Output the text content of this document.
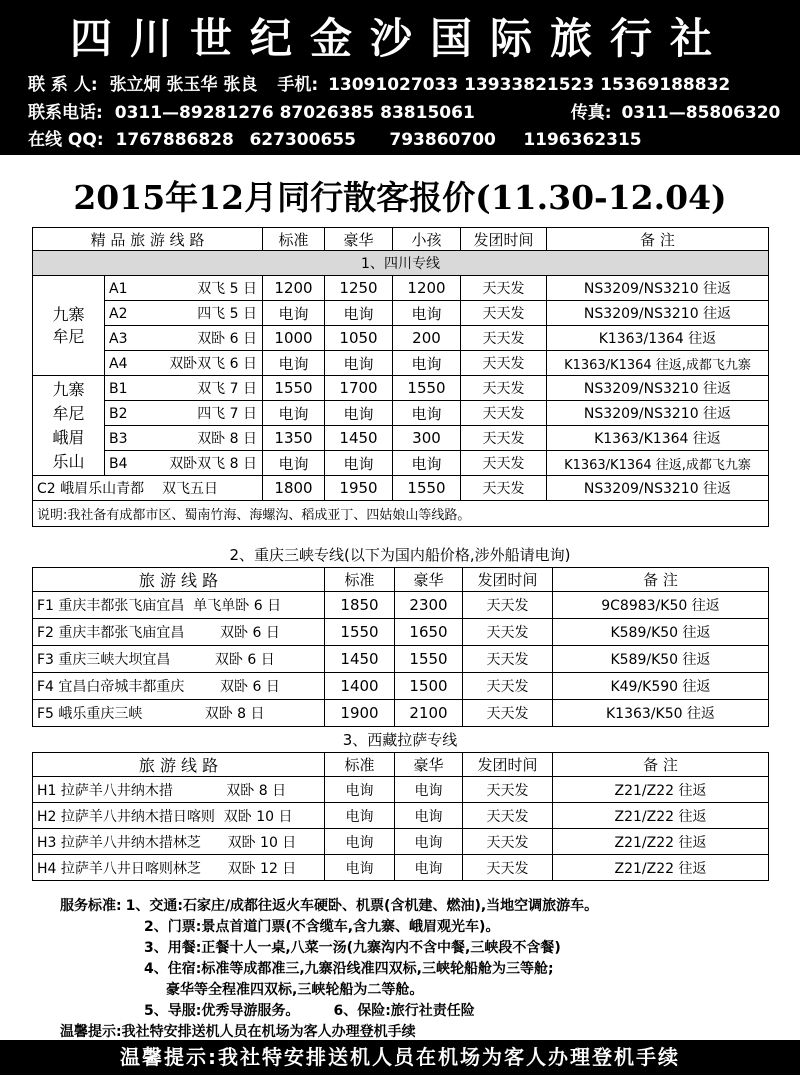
四川世纪金沙国际旅行社
联 系 人: 张立炯 张玉华 张良 手机: 13091027033 13933821523 15369188832
联系电话: 0311—89281276 87026385 83815061	传真: 0311—85806320
在线 QQ: 1767886828 627300655 793860700 1196362315
2015年12月同行散客报价(11.30-12.04)
精 品 旅 游 线 路		标准	豪华	小孩	发团时间	备 注
1、四川专线						
九寨
牟尼	A1 双飞 5 日	1200	1250	1200	天天发	NS3209/NS3210 往返
	A2 四飞 5 日	电询	电询	电询	天天发	NS3209/NS3210 往返
	A3 双卧 6 日	1000	1050	200	天天发	K1363/1364 往返
	A4 双卧双飞 6 日	电询	电询	电询	天天发	K1363/K1364 往返,成都飞九寨
九寨
牟尼
峨眉
乐山	B1 双飞 7 日	1550	1700	1550	天天发	NS3209/NS3210 往返
	B2 四飞 7 日	电询	电询	电询	天天发	NS3209/NS3210 往返
	B3 双卧 8 日	1350	1450	300	天天发	K1363/K1364 往返
	B4 双卧双飞 8 日	电询	电询	电询	天天发	K1363/K1364 往返,成都飞九寨
C2 峨眉乐山青都    双飞五日		1800	1950	1550	天天发	NS3209/NS3210 往返
说明:我社备有成都市区、蜀南竹海、海螺沟、稻成亚丁、四姑娘山等线路。						
2、重庆三峡专线(以下为国内船价格,涉外船请电询)
旅 游 线 路	标准	豪华	发团时间	备 注
F1 重庆丰都张飞庙宜昌  单飞单卧 6 日	1850	2300	天天发	9C8983/K50 往返
F2 重庆丰都张飞庙宜昌        双卧 6 日	1550	1650	天天发	K589/K50 往返
F3 重庆三峡大坝宜昌          双卧 6 日	1450	1550	天天发	K589/K50 往返
F4 宜昌白帝城丰都重庆        双卧 6 日	1400	1500	天天发	K49/K590 往返
F5 峨乐重庆三峡              双卧 8 日	1900	2100	天天发	K1363/K50 往返
3、西藏拉萨专线
旅 游 线 路	标准	豪华	发团时间	备 注
H1 拉萨羊八井纳木措            双卧 8 日	电询	电询	天天发	Z21/Z22 往返
H2 拉萨羊八井纳木措日喀则  双卧 10 日	电询	电询	天天发	Z21/Z22 往返
H3 拉萨羊八井纳木措林芝      双卧 10 日	电询	电询	天天发	Z21/Z22 往返
H4 拉萨羊八井日喀则林芝      双卧 12 日	电询	电询	天天发	Z21/Z22 往返
服务标准: 1、交通:石家庄/成都往返火车硬卧、机票(含机建、燃油),当地空调旅游车。
2、门票:景点首道门票(不含缆车,含九寨、峨眉观光车)。
3、用餐:正餐十人一桌,八菜一汤(九寨沟内不含中餐,三峡段不含餐)
4、住宿:标准等成都准三,九寨沿线准四双标,三峡轮船舱为三等舱;
豪华等全程准四双标,三峡轮船为二等舱。
5、导服:优秀导游服务。       6、保险:旅行社责任险
温馨提示:我社特安排送机人员在机场为客人办理登机手续
温馨提示:我社特安排送机人员在机场为客人办理登机手续
